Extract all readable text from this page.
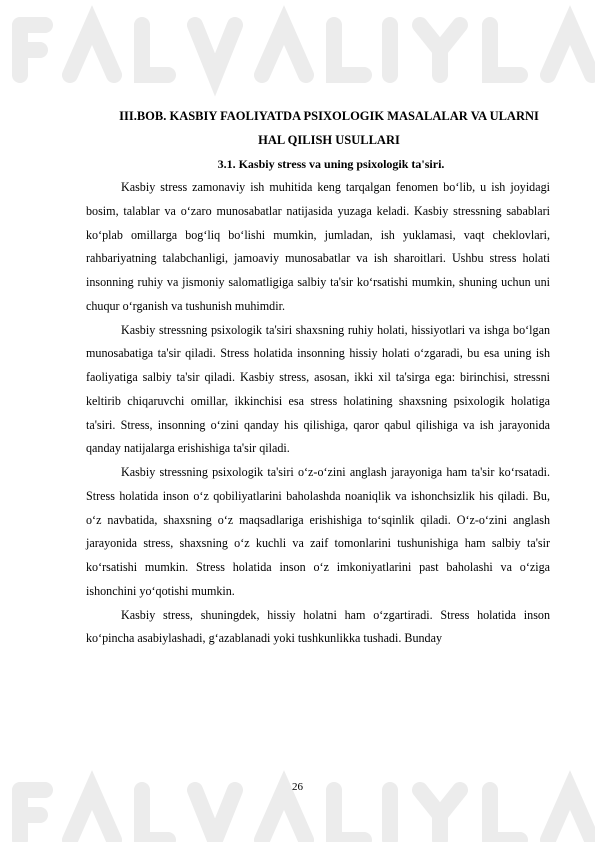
III.BOB. KASBIY FAOLIYATDA PSIXOLOGIK MASALALAR VA ULARNI HAL QILISH USULLARI

3.1. Kasbiy stress va uning psixologik ta'siri.

Kasbiy stress zamonaviy ish muhitida keng tarqalgan fenomen bo‘lib, u ish joyidagi bosim, talablar va o‘zaro munosabatlar natijasida yuzaga keladi. Kasbiy stressning sabablari ko‘plab omillarga bog‘liq bo‘lishi mumkin, jumladan, ish yuklamasi, vaqt cheklovlari, rahbariyatning talabchanligi, jamoaviy munosabatlar va ish sharoitlari. Ushbu stress holati insonning ruhiy va jismoniy salomatligiga salbiy ta'sir ko‘rsatishi mumkin, shuning uchun uni chuqur o‘rganish va tushunish muhimdir.

Kasbiy stressning psixologik ta'siri shaxsning ruhiy holati, hissiyotlari va ishga bo‘lgan munosabatiga ta'sir qiladi. Stress holatida insonning hissiy holati o‘zgaradi, bu esa uning ish faoliyatiga salbiy ta'sir qiladi. Kasbiy stress, asosan, ikki xil ta'sirga ega: birinchisi, stressni keltirib chiqaruvchi omillar, ikkinchisi esa stress holatining shaxsning psixologik holatiga ta'siri. Stress, insonning o‘zini qanday his qilishiga, qaror qabul qilishiga va ish jarayonida qanday natijalarga erishishiga ta'sir qiladi.

Kasbiy stressning psixologik ta'siri o‘z-o‘zini anglash jarayoniga ham ta'sir ko‘rsatadi. Stress holatida inson o‘z qobiliyatlarini baholashda noaniqlik va ishonchsizlik his qiladi. Bu, o‘z navbatida, shaxsning o‘z maqsadlariga erishishiga to‘sqinlik qiladi. O‘z-o‘zini anglash jarayonida stress, shaxsning o‘z kuchli va zaif tomonlarini tushunishiga ham salbiy ta'sir ko‘rsatishi mumkin. Stress holatida inson o‘z imkoniyatlarini past baholashi va o‘ziga ishonchini yo‘qotishi mumkin.

Kasbiy stress, shuningdek, hissiy holatni ham o‘zgartiradi. Stress holatida inson ko‘pincha asabiylashadi, g‘azablanadi yoki tushkunlikka tushadi. Bunday

26
